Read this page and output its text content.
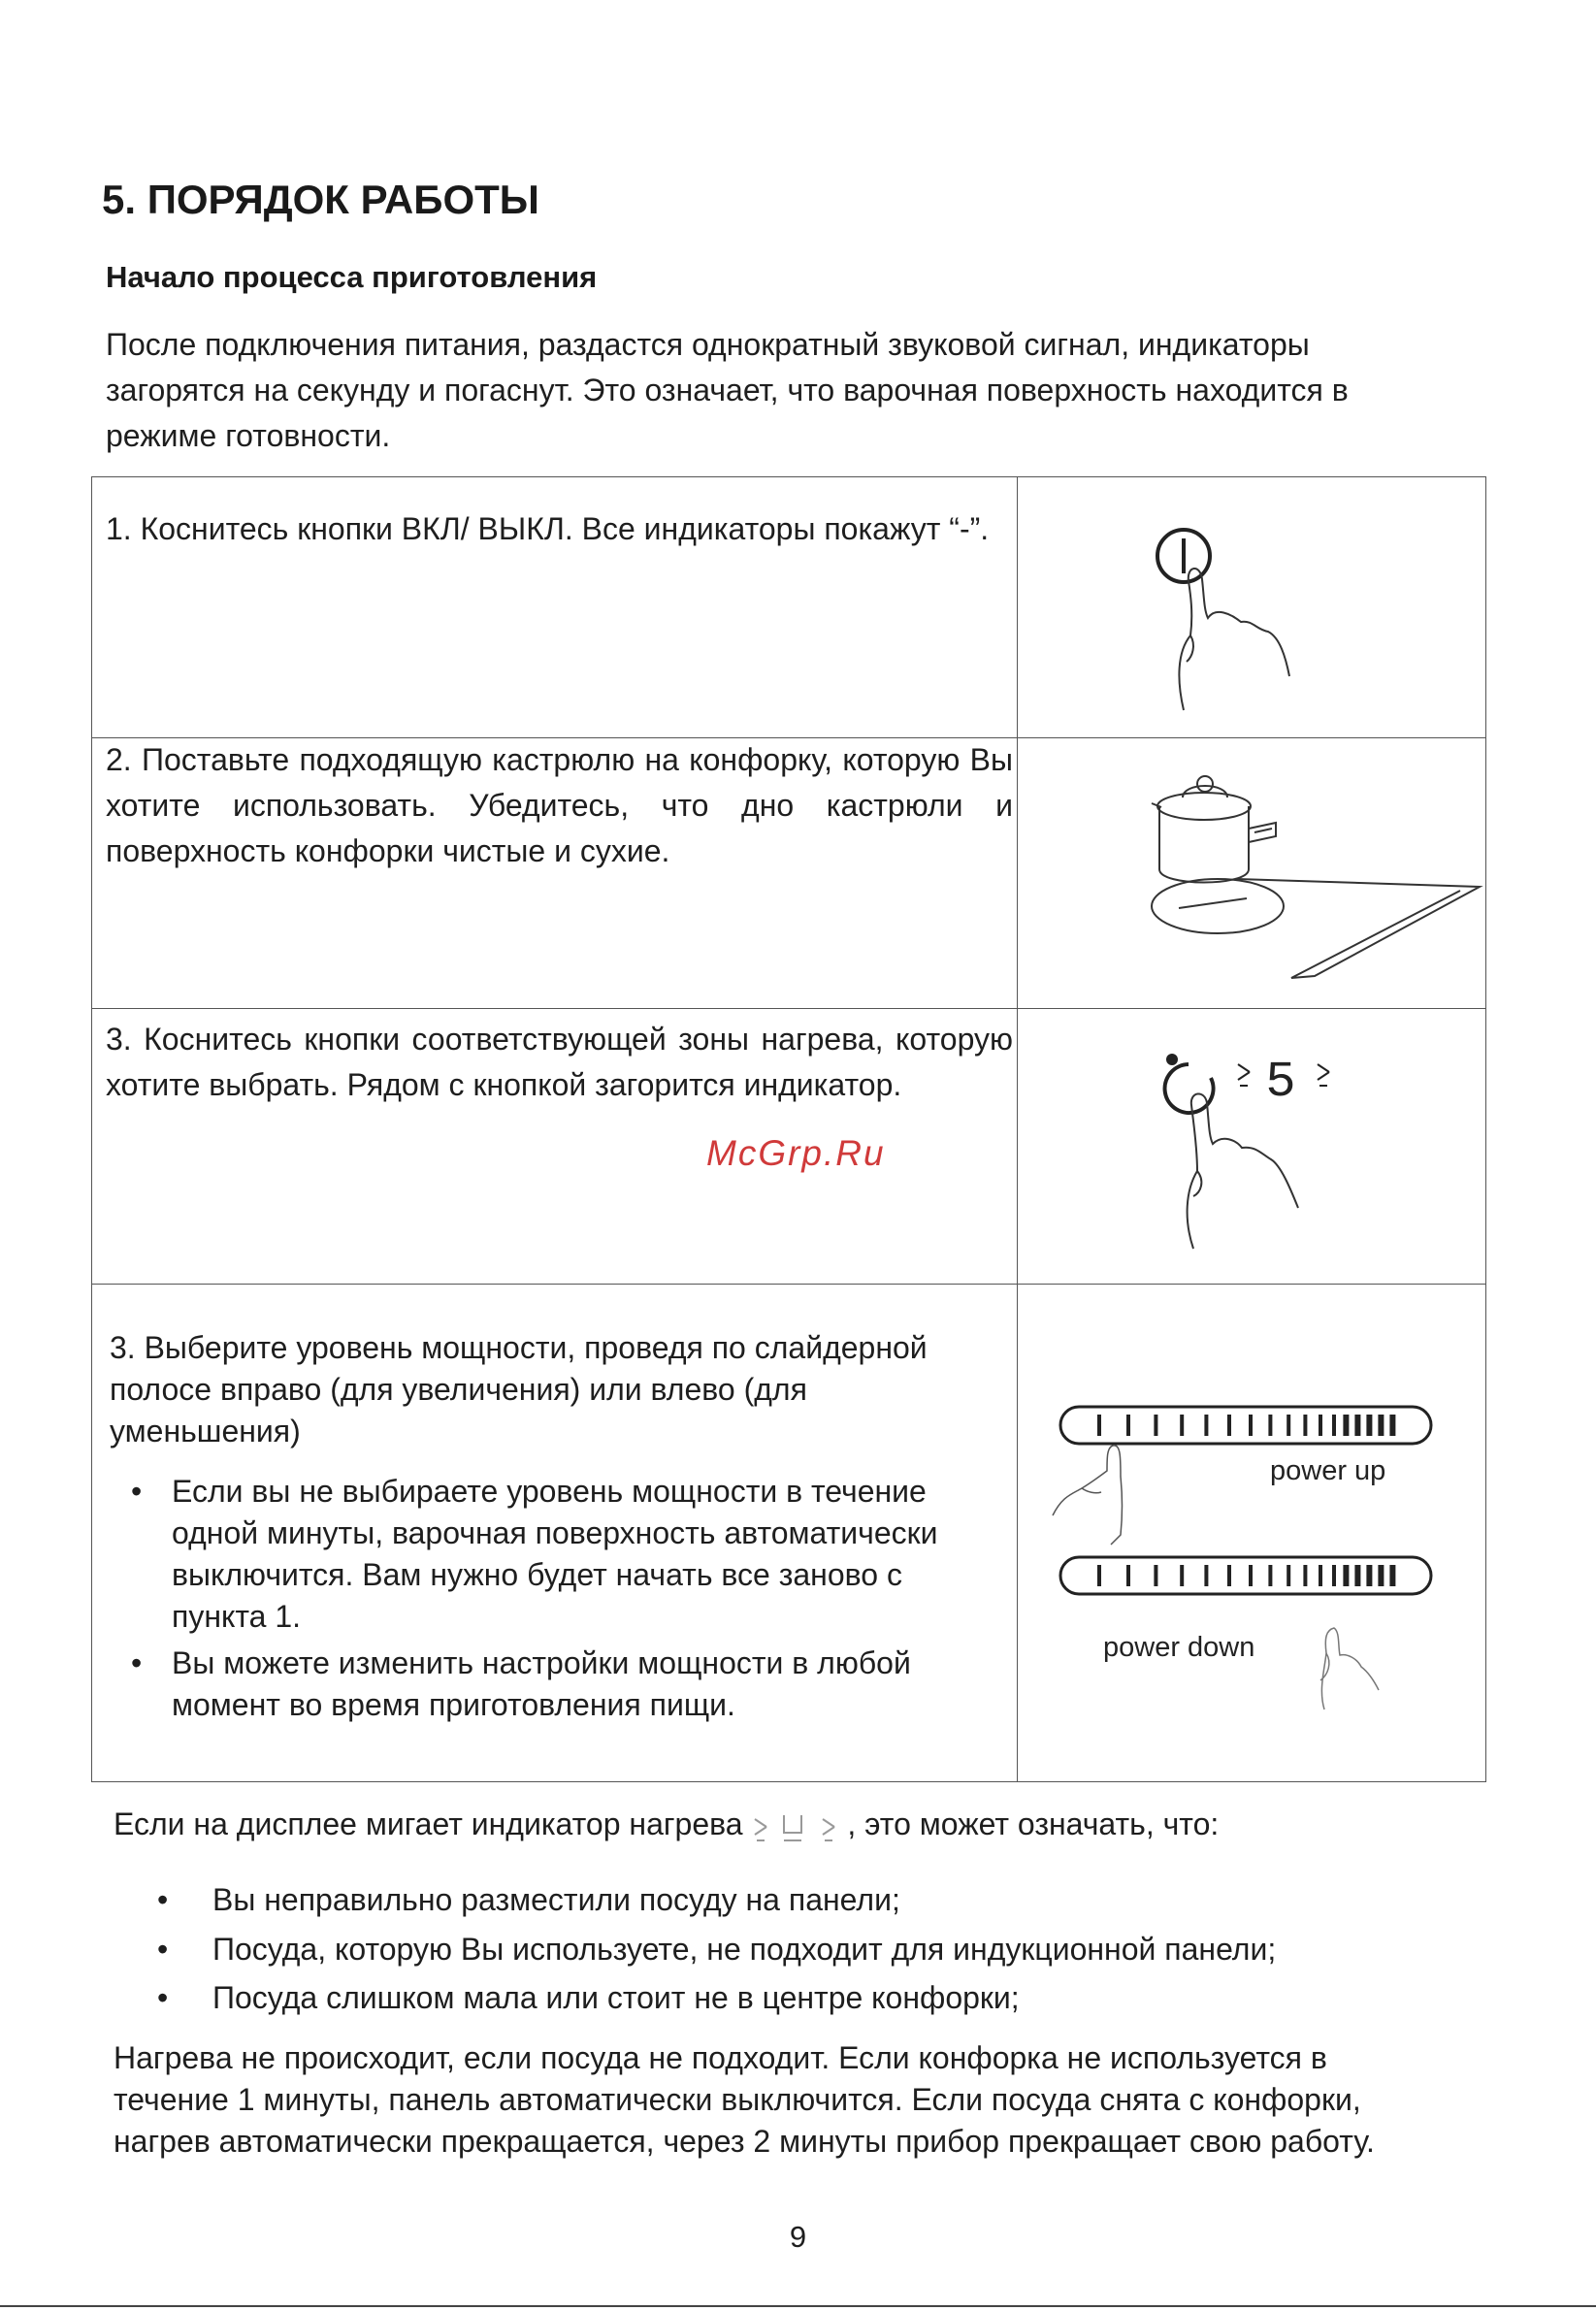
5. ПОРЯДОК РАБОТЫ
Начало процесса приготовления
После подключения питания, раздастся однократный звуковой сигнал, индикаторы
загорятся на секунду и погаснут. Это означает, что варочная поверхность находится в
режиме готовности.
1. Коснитесь кнопки ВКЛ/ ВЫКЛ. Все индикаторы покажут “-”.
2. Поставьте подходящую кастрюлю на конфорку, которую Вы хотите использовать. Убедитесь, что дно кастрюли и поверхность конфорки чистые и сухие.
3. Коснитесь кнопки соответствующей зоны нагрева, которую хотите выбрать. Рядом с кнопкой загорится индикатор.	5
3. Выберите уровень мощности, проведя по слайдерной
полосе вправо (для увеличения) или влево (для
уменьшения)
• Если вы не выбираете уровень мощности в течение
одной минуты, варочная поверхность автоматически
выключится. Вам нужно будет начать все заново с
пункта 1.
• Вы можете изменить настройки мощности в любой
момент во время приготовления пищи.
power up
power down
McGrp.Ru
Если на дисплее мигает индикатор нагрева	, это может означать, что:
• Вы неправильно разместили посуду на панели;
• Посуда, которую Вы используете, не подходит для индукционной панели;
• Посуда слишком мала или стоит не в центре конфорки;
Нагрева не происходит, если посуда не подходит. Если конфорка не используется в
течение 1 минуты, панель автоматически выключится. Если посуда снята с конфорки,
нагрев автоматически прекращается, через 2 минуты прибор прекращает свою работу.
9
